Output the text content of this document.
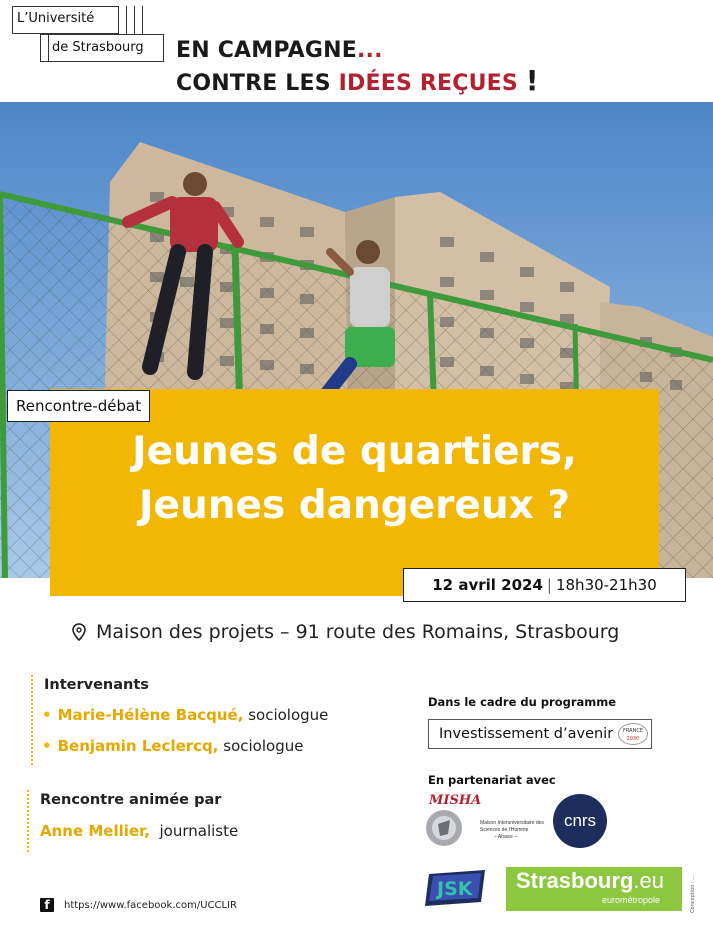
L’Université
de Strasbourg EN CAMPAGNE...
CONTRE LES IDÉES REÇUES !
Jeunes de quartiers,
Jeunes dangereux ?
Rencontre-débat
12 avril 2024 | 18h30-21h30
Maison des projets – 91 route des Romains, Strasbourg
Intervenants
• Marie-Hélène Bacqué, sociologue
• Benjamin Leclercq, sociologue
Rencontre animée par
Anne Mellier, journaliste
Dans le cadre du programme
Investissement d’avenir	FRANCE
2030
En partenariat avec
MISHA
Maison Interuniversitaire des
Sciences de l’Homme
– Alsace –
cnrs
JSK Strasbourg.eu
eurométropole
f https://www.facebook.com/UCCLIR	Conception : ...
